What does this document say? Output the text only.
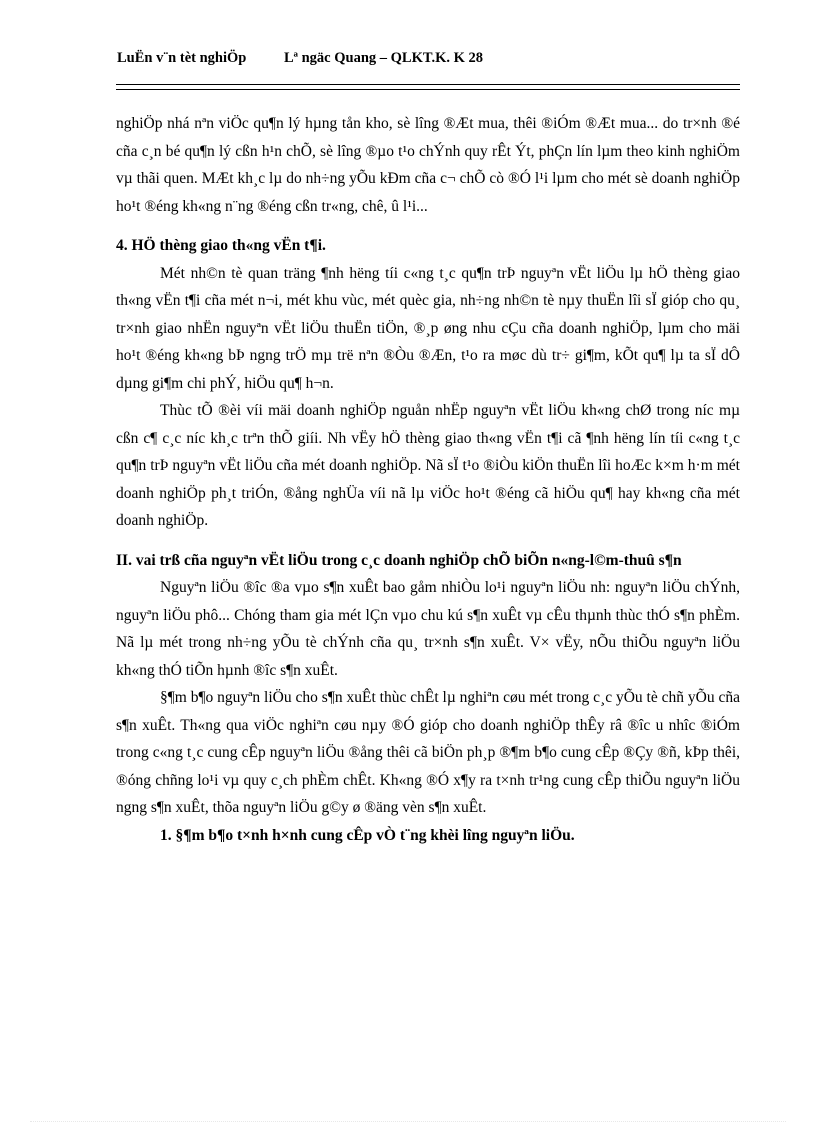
LuËn v¨n tèt nghiÖp	Lª ngäc Quang – QLKT.K. K 28

nghiÖp nhá nªn viÖc qu¶n lý hµng tån kho, sè lîng ®Æt mua, thêi ®iÓm ®Æt mua... do tr×nh ®é cña c¸n bé qu¶n lý cßn h¹n chÕ, sè lîng ®µo t¹o chÝnh quy rÊt Ýt, phÇn lín lµm theo kinh nghiÖm vµ thãi quen. MÆt kh¸c lµ do nh÷ng yÕu kÐm cña c¬ chÕ cò ®Ó l¹i lµm cho mét sè doanh nghiÖp ho¹t ®éng kh«ng n¨ng ®éng cßn tr«ng, chê, û l¹i...

4. HÖ thèng giao th«ng vËn t¶i.

Mét nh©n tè quan träng ¶nh hëng tíi c«ng t¸c qu¶n trÞ nguyªn vËt liÖu lµ hÖ thèng giao th«ng vËn t¶i cña mét n¬i, mét khu vùc, mét quèc gia, nh÷ng nh©n tè nµy thuËn lîi sÏ gióp cho qu¸ tr×nh giao nhËn nguyªn vËt liÖu thuËn tiÖn, ®¸p øng nhu cÇu cña doanh nghiÖp, lµm cho mäi ho¹t ®éng kh«ng bÞ ngng trÖ mµ trë nªn ®Òu ®Æn, t¹o ra møc dù tr÷ gi¶m, kÕt qu¶ lµ ta sÏ dÔ dµng gi¶m chi phÝ, hiÖu qu¶ h¬n.

Thùc tÕ ®èi víi mäi doanh nghiÖp nguån nhËp nguyªn vËt liÖu kh«ng chØ trong níc mµ cßn c¶ c¸c níc kh¸c trªn thÕ giíi. Nh vËy hÖ thèng giao th«ng vËn t¶i cã ¶nh hëng lín tíi c«ng t¸c qu¶n trÞ nguyªn vËt liÖu cña mét doanh nghiÖp. Nã sÏ t¹o ®iÒu kiÖn thuËn lîi hoÆc k×m h·m mét doanh nghiÖp ph¸t triÓn, ®ång nghÜa víi nã lµ viÖc ho¹t ®éng cã hiÖu qu¶ hay kh«ng cña mét doanh nghiÖp.

II. vai trß cña nguyªn vËt liÖu trong c¸c doanh nghiÖp chÕ biÕn n«ng-l©m-thuû s¶n

Nguyªn liÖu ®îc ®a vµo s¶n xuÊt bao gåm nhiÒu lo¹i nguyªn liÖu nh: nguyªn liÖu chÝnh, nguyªn liÖu phô... Chóng tham gia mét lÇn vµo chu kú s¶n xuÊt vµ cÊu thµnh thùc thÓ s¶n phÈm. Nã lµ mét trong nh÷ng yÕu tè chÝnh cña qu¸ tr×nh s¶n xuÊt. V× vËy, nÕu thiÕu nguyªn liÖu kh«ng thÓ tiÕn hµnh ®îc s¶n xuÊt.

§¶m b¶o nguyªn liÖu cho s¶n xuÊt thùc chÊt lµ nghiªn cøu mét trong c¸c yÕu tè chñ yÕu cña s¶n xuÊt. Th«ng qua viÖc nghiªn cøu nµy ®Ó gióp cho doanh nghiÖp thÊy râ ®îc u nhîc ®iÓm trong c«ng t¸c cung cÊp nguyªn liÖu ®ång thêi cã biÖn ph¸p ®¶m b¶o cung cÊp ®Çy ®ñ, kÞp thêi, ®óng chñng lo¹i vµ quy c¸ch phÈm chÊt. Kh«ng ®Ó x¶y ra t×nh tr¹ng cung cÊp thiÕu nguyªn liÖu ngng s¶n xuÊt, thõa nguyªn liÖu g©y ø ®äng vèn s¶n xuÊt.

1. §¶m b¶o t×nh h×nh cung cÊp vÒ t¨ng khèi lîng nguyªn liÖu.
